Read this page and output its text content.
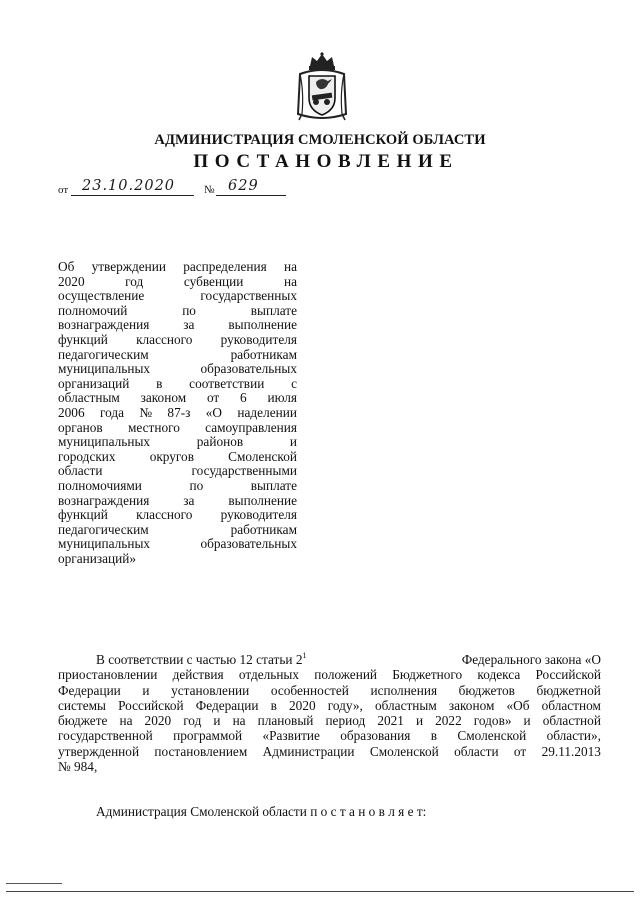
АДМИНИСТРАЦИЯ СМОЛЕНСКОЙ ОБЛАСТИ
ПОСТАНОВЛЕНИЕ
от 23.10.2020	№ 629
Об утверждении распределения на
2020	год	субвенции	на
осуществление	государственных
полномочий	по	выплате
вознаграждения	за	выполнение
функций классного руководителя
педагогическим	работникам
муниципальных	образовательных
организаций в соответствии с
областным законом от 6 июля
2006 года № 87-з «О наделении
органов местного самоуправления
муниципальных	районов	и
городских	округов	Смоленской
области	государственными
полномочиями	по	выплате
вознаграждения	за	выполнение
функций классного руководителя
педагогическим	работникам
муниципальных	образовательных
организаций»
В соответствии с частью 12 статьи $2^1$	Федерального закона «О
приостановлении действия отдельных положений Бюджетного кодекса Российской
Федерации и установлении особенностей исполнения бюджетов бюджетной
системы Российской Федерации в 2020 году», областным законом «Об областном
бюджете на 2020 год и на плановый период 2021 и 2022 годов» и областной
государственной программой «Развитие образования в Смоленской области»,
утвержденной постановлением Администрации Смоленской области от 29.11.2013
№ 984,
Администрация Смоленской области п о с т а н о в л я е т:
